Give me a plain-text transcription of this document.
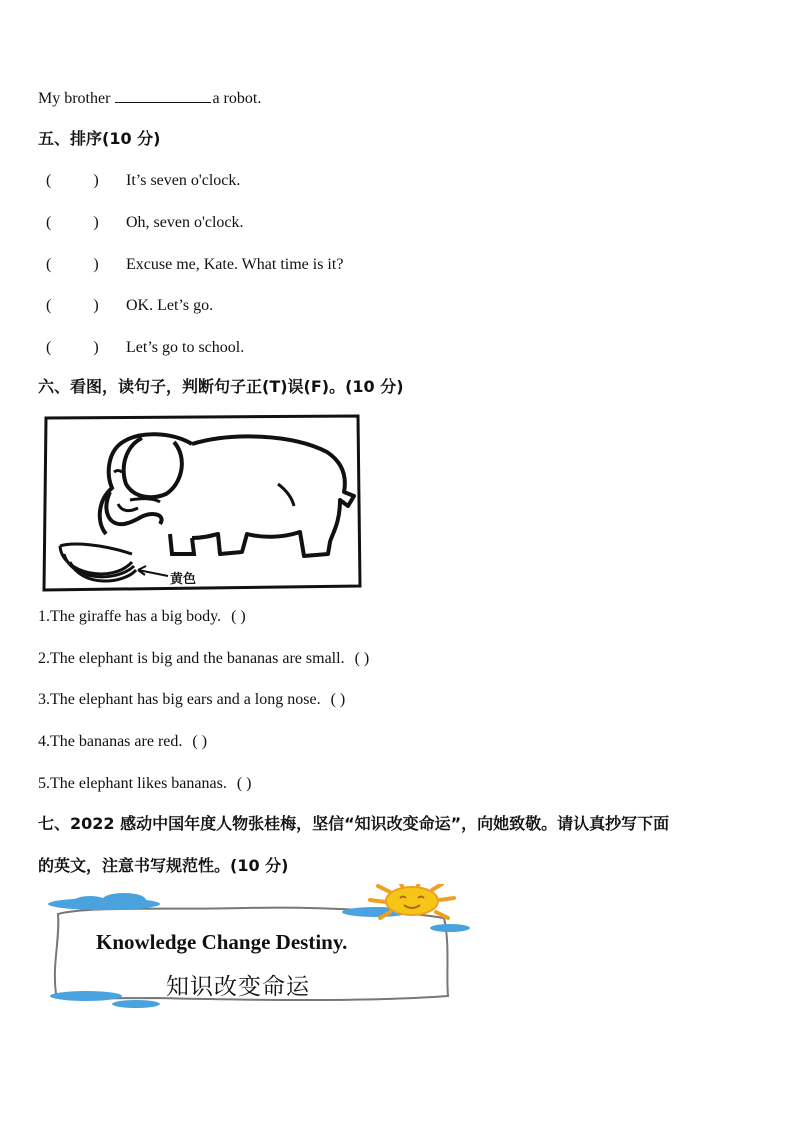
My brother	a robot.
五、排序(10 分)
(	) It’s seven o'clock.
(	) Oh, seven o'clock.
(	) Excuse me, Kate. What time is it?
(	) OK. Let’s go.
(	) Let’s go to school.
六、看图，读句子，判断句子正(T)误(F)。(10 分)
黄色
1.The giraffe has a big body. ( )
2.The elephant is big and the bananas are small. ( )
3.The elephant has big ears and a long nose. ( )
4.The bananas are red. ( )
5.The elephant likes bananas. ( )
七、2022 感动中国年度人物张桂梅，坚信“知识改变命运”，向她致敬。请认真抄写下面
的英文，注意书写规范性。(10 分)
Knowledge Change Destiny.
知识改变命运
